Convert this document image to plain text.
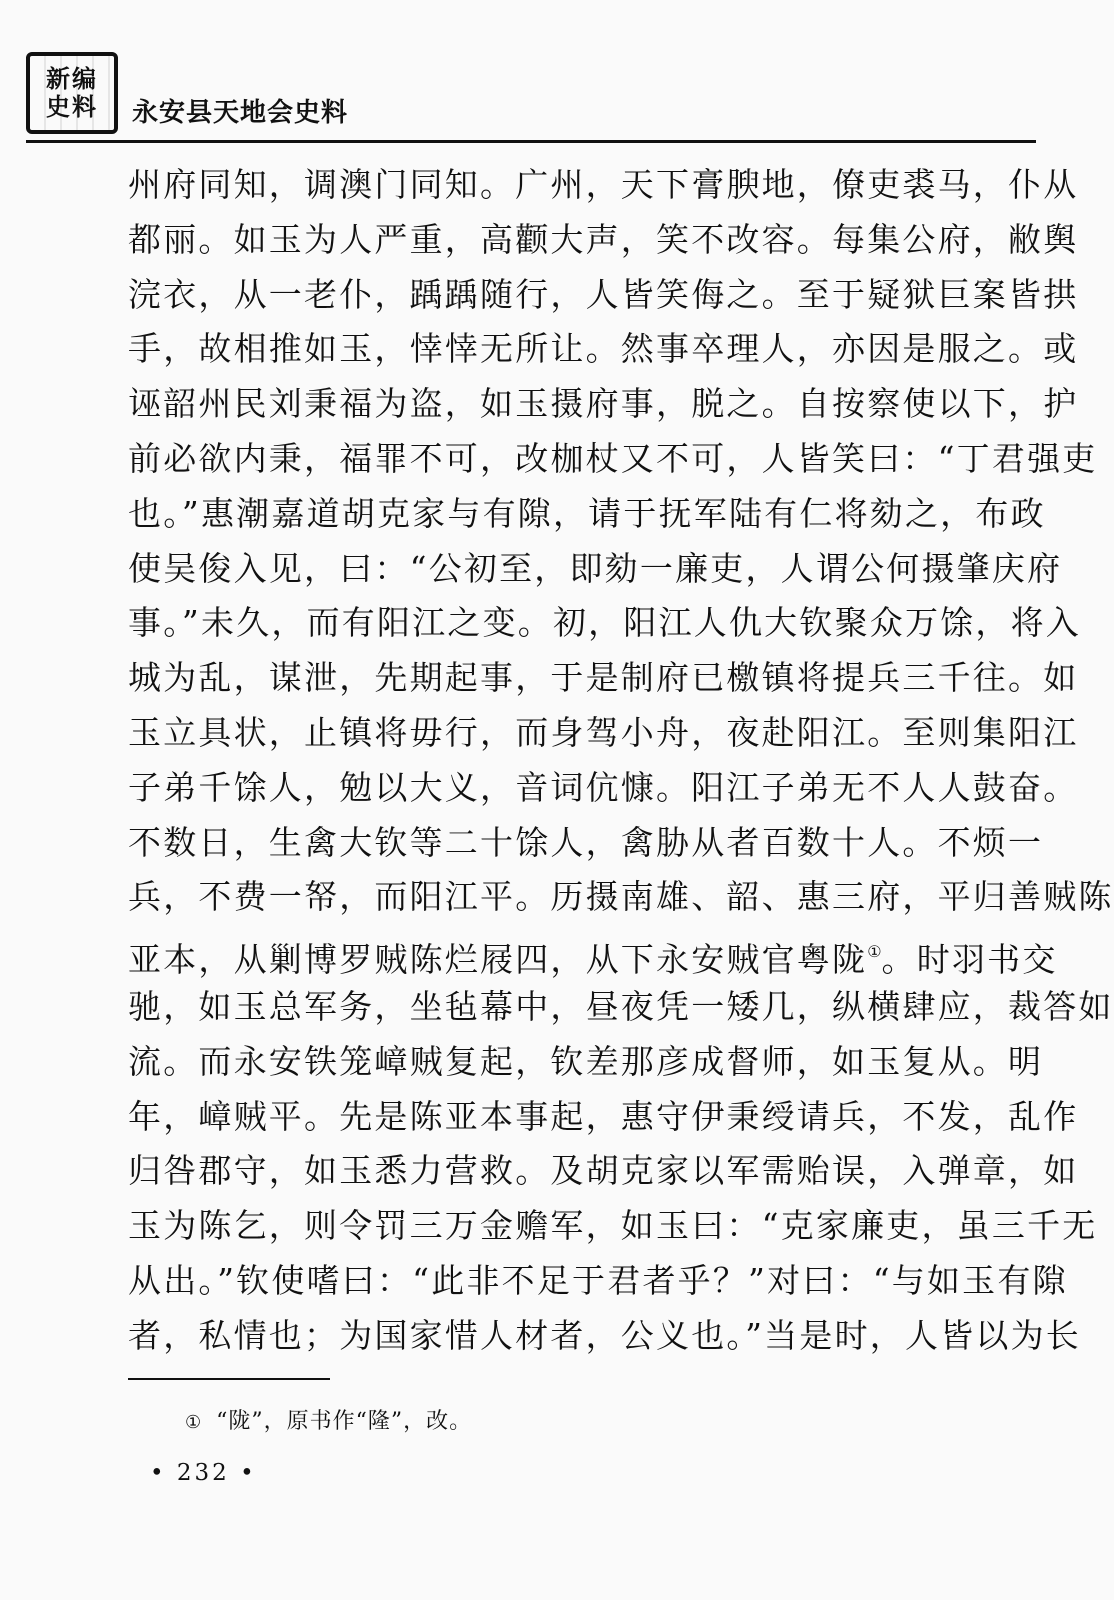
新编史料	永安县天地会史料
州府同知，调澳门同知。广州，天下膏腴地，僚吏裘马，仆从
都丽。如玉为人严重，高颧大声，笑不改容。每集公府，敝舆
浣衣，从一老仆，踽踽随行，人皆笑侮之。至于疑狱巨案皆拱
手，故相推如玉，悻悻无所让。然事卒理人，亦因是服之。或
诬韶州民刘秉福为盗，如玉摄府事，脱之。自按察使以下，护
前必欲内秉，福罪不可，改枷杖又不可，人皆笑曰：“丁君强吏
也。”惠潮嘉道胡克家与有隙，请于抚军陆有仁将劾之，布政
使吴俊入见，曰：“公初至，即劾一廉吏，人谓公何摄肇庆府
事。”未久，而有阳江之变。初，阳江人仇大钦聚众万馀，将入
城为乱，谋泄，先期起事，于是制府已檄镇将提兵三千往。如
玉立具状，止镇将毋行，而身驾小舟，夜赴阳江。至则集阳江
子弟千馀人，勉以大义，音词伉慷。阳江子弟无不人人鼓奋。
不数日，生禽大钦等二十馀人，禽胁从者百数十人。不烦一
兵，不费一帑，而阳江平。历摄南雄、韶、惠三府，平归善贼陈
亚本，从剿博罗贼陈烂屐四，从下永安贼官粤陇①。时羽书交
驰，如玉总军务，坐毡幕中，昼夜凭一矮几，纵横肆应，裁答如
流。而永安铁笼嶂贼复起，钦差那彦成督师，如玉复从。明
年，嶂贼平。先是陈亚本事起，惠守伊秉绶请兵，不发，乱作
归咎郡守，如玉悉力营救。及胡克家以军需贻误，入弹章，如
玉为陈乞，则令罚三万金赡军，如玉曰：“克家廉吏，虽三千无
从出。”钦使嗜曰：“此非不足于君者乎？”对曰：“与如玉有隙
者，私情也；为国家惜人材者，公义也。”当是时，人皆以为长
① “陇”，原书作“隆”，改。
• 232 •
